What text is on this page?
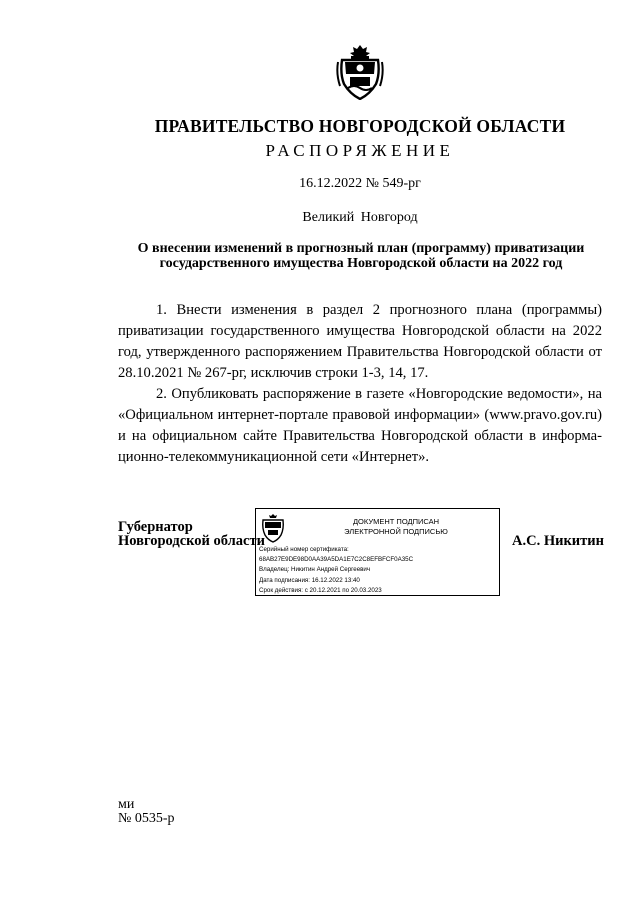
ПРАВИТЕЛЬСТВО НОВГОРОДСКОЙ ОБЛАСТИ
РАСПОРЯЖЕНИЕ
16.12.2022 № 549-рг
Великий Новгород
О внесении изменений в прогнозный план (программу) приватизации
государственного имущества Новгородской области на 2022 год

1. Внести изменения в раздел 2 прогнозного плана (программы) приватизации государственного имущества Новгородской области на 2022 год, утвержденного распоряжением Правительства Новгородской области от 28.10.2021 № 267-рг, исключив строки 1-3, 14, 17.

2. Опубликовать распоряжение в газете «Новгородские ведомости», на «Официальном интернет-портале правовой информации» (www.pravo.gov.ru) и на официальном сайте Правительства Новгородской области в информа-ционно-телекоммуникационной сети «Интернет».

Губернатор
Новгородской области
ДОКУМЕНТ ПОДПИСАН
ЭЛЕКТРОННОЙ ПОДПИСЬЮ
Серийный номер сертификата:
68AB27E9DE98D0AA39A5DA1E7C2C8EFBFCF0A35C
Владелец: Никитин Андрей Сергеевич
Дата подписания: 16.12.2022 13:40
Срок действия: с 20.12.2021 по 20.03.2023
А.С. Никитин
ми
№ 0535-р
